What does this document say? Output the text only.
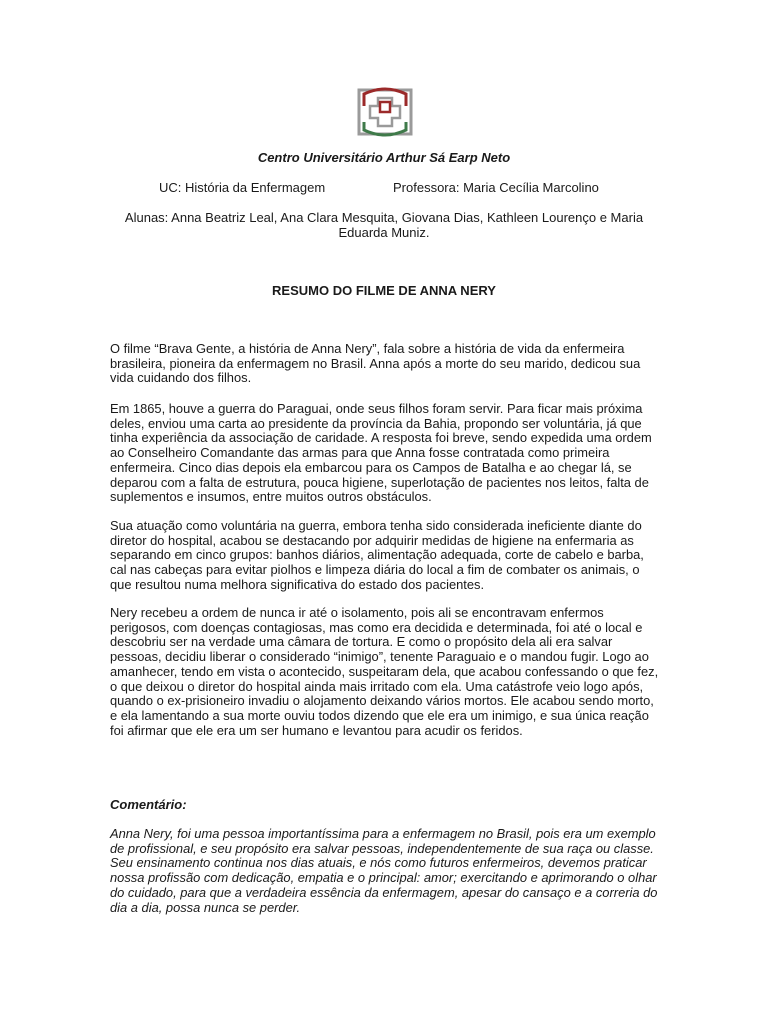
Centro Universitário Arthur Sá Earp Neto
UC: História da Enfermagem	Professora: Maria Cecília Marcolino
Alunas: Anna Beatriz Leal, Ana Clara Mesquita, Giovana Dias, Kathleen Lourenço e Maria Eduarda Muniz.
RESUMO DO FILME DE ANNA NERY

O filme “Brava Gente, a história de Anna Nery”, fala sobre a história de vida da enfermeira brasileira, pioneira da enfermagem no Brasil. Anna após a morte do seu marido, dedicou sua vida cuidando dos filhos.

Em 1865, houve a guerra do Paraguai, onde seus filhos foram servir. Para ficar mais próxima deles, enviou uma carta ao presidente da província da Bahia, propondo ser voluntária, já que tinha experiência da associação de caridade. A resposta foi breve, sendo expedida uma ordem ao Conselheiro Comandante das armas para que Anna fosse contratada como primeira enfermeira. Cinco dias depois ela embarcou para os Campos de Batalha e ao chegar lá, se deparou com a falta de estrutura, pouca higiene, superlotação de pacientes nos leitos, falta de suplementos e insumos, entre muitos outros obstáculos.

Sua atuação como voluntária na guerra, embora tenha sido considerada ineficiente diante do diretor do hospital, acabou se destacando por adquirir medidas de higiene na enfermaria as separando em cinco grupos: banhos diários, alimentação adequada, corte de cabelo e barba, cal nas cabeças para evitar piolhos e limpeza diária do local a fim de combater os animais, o que resultou numa melhora significativa do estado dos pacientes.

Nery recebeu a ordem de nunca ir até o isolamento, pois ali se encontravam enfermos perigosos, com doenças contagiosas, mas como era decidida e determinada, foi até o local e descobriu ser na verdade uma câmara de tortura. E como o propósito dela ali era salvar pessoas, decidiu liberar o considerado “inimigo”, tenente Paraguaio e o mandou fugir. Logo ao amanhecer, tendo em vista o acontecido, suspeitaram dela, que acabou confessando o que fez, o que deixou o diretor do hospital ainda mais irritado com ela. Uma catástrofe veio logo após, quando o ex-prisioneiro invadiu o alojamento deixando vários mortos. Ele acabou sendo morto, e ela lamentando a sua morte ouviu todos dizendo que ele era um inimigo, e sua única reação foi afirmar que ele era um ser humano e levantou para acudir os feridos.

Comentário:

Anna Nery, foi uma pessoa importantíssima para a enfermagem no Brasil, pois era um exemplo de profissional, e seu propósito era salvar pessoas, independentemente de sua raça ou classe. Seu ensinamento continua nos dias atuais, e nós como futuros enfermeiros, devemos praticar nossa profissão com dedicação, empatia e o principal: amor; exercitando e aprimorando o olhar do cuidado, para que a verdadeira essência da enfermagem, apesar do cansaço e a correria do dia a dia, possa nunca se perder.
